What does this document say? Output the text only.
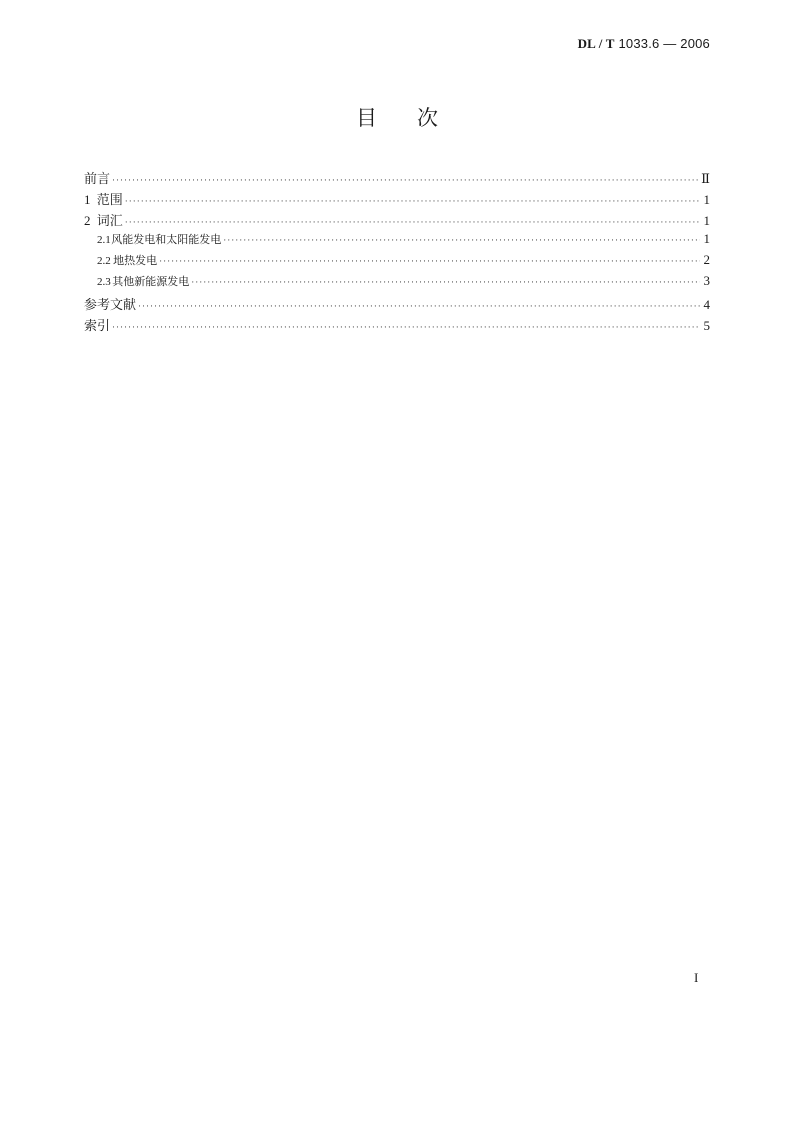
DL / T 1033.6 — 2006
目次
前言 ·····	Ⅱ
1 范围 ·····	1
2 词汇 ·····	1
2.1 风能发电和太阳能发电 ·····	1
2.2 地热发电 ·····	2
2.3 其他新能源发电 ·····	3
参考文献 ·····	4
索引 ·····	5
I
